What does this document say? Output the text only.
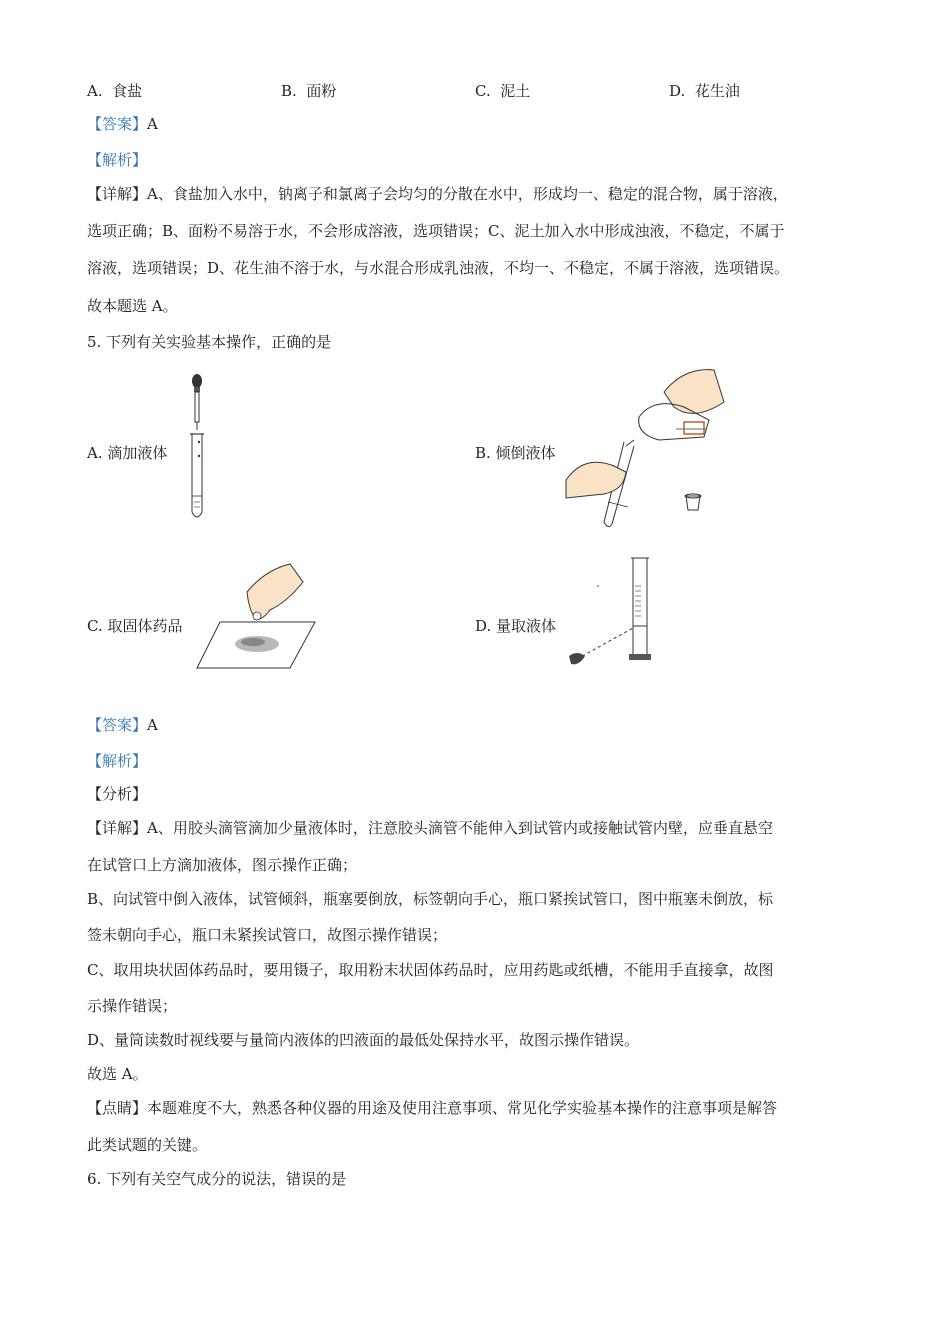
A. 食盐	B. 面粉	C. 泥土	D. 花生油
【答案】A
【解析】
【详解】A、食盐加入水中，钠离子和氯离子会均匀的分散在水中，形成均一、稳定的混合物，属于溶液，
选项正确；B、面粉不易溶于水，不会形成溶液，选项错误；C、泥土加入水中形成浊液，不稳定，不属于
溶液，选项错误；D、花生油不溶于水，与水混合形成乳浊液，不均一、不稳定，不属于溶液，选项错误。
故本题选 A。
5. 下列有关实验基本操作，正确的是
A. 滴加液体	B. 倾倒液体
C. 取固体药品	D. 量取液体
【答案】A
【解析】
【分析】
【详解】A、用胶头滴管滴加少量液体时，注意胶头滴管不能伸入到试管内或接触试管内壁，应垂直悬空
在试管口上方滴加液体，图示操作正确；
B、向试管中倒入液体，试管倾斜，瓶塞要倒放，标签朝向手心，瓶口紧挨试管口，图中瓶塞未倒放，标
签未朝向手心，瓶口未紧挨试管口，故图示操作错误；
C、取用块状固体药品时，要用镊子，取用粉末状固体药品时，应用药匙或纸槽，不能用手直接拿，故图
示操作错误；
D、量筒读数时视线要与量筒内液体的凹液面的最低处保持水平，故图示操作错误。
故选 A。
【点睛】本题难度不大，熟悉各种仪器的用途及使用注意事项、常见化学实验基本操作的注意事项是解答
此类试题的关键。
6. 下列有关空气成分的说法，错误的是
